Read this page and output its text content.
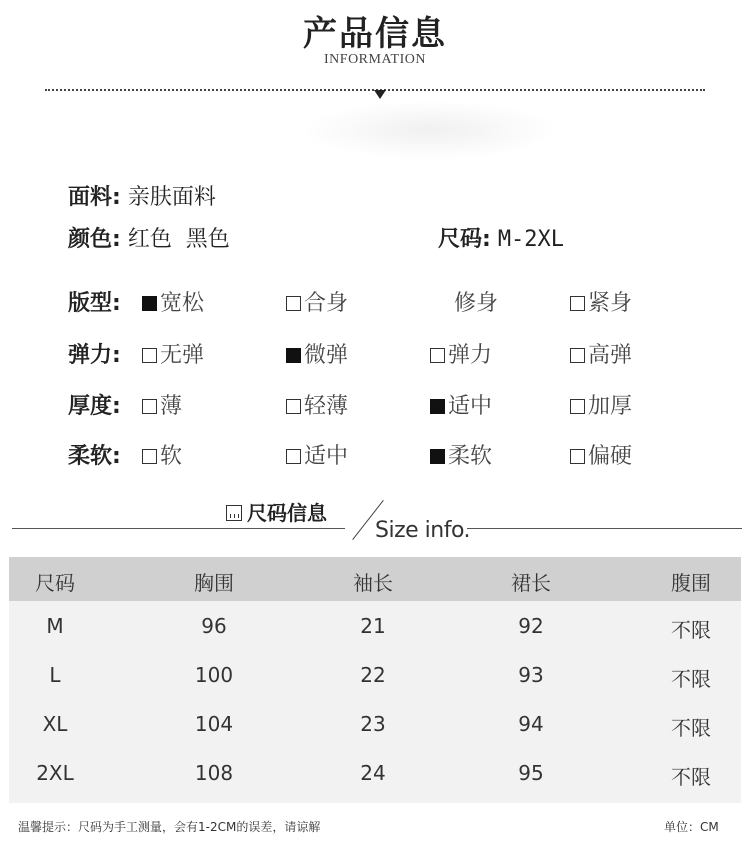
产品信息
INFORMATION
面料: 亲肤面料
颜色: 红色  黑色	尺码: M-2XL
版型:	宽松	合身	修身	紧身
弹力:	无弹	微弹	弹力	高弹
厚度:	薄	轻薄	适中	加厚
柔软:	软	适中	柔软	偏硬
尺码信息
Size info.
尺码	胸围	袖长	裙长	腹围
M	96	21	92	不限
L	100	22	93	不限
XL	104	23	94	不限
2XL	108	24	95	不限
温馨提示：尺码为手工测量，会有1-2CM的误差，请谅解	单位：CM
